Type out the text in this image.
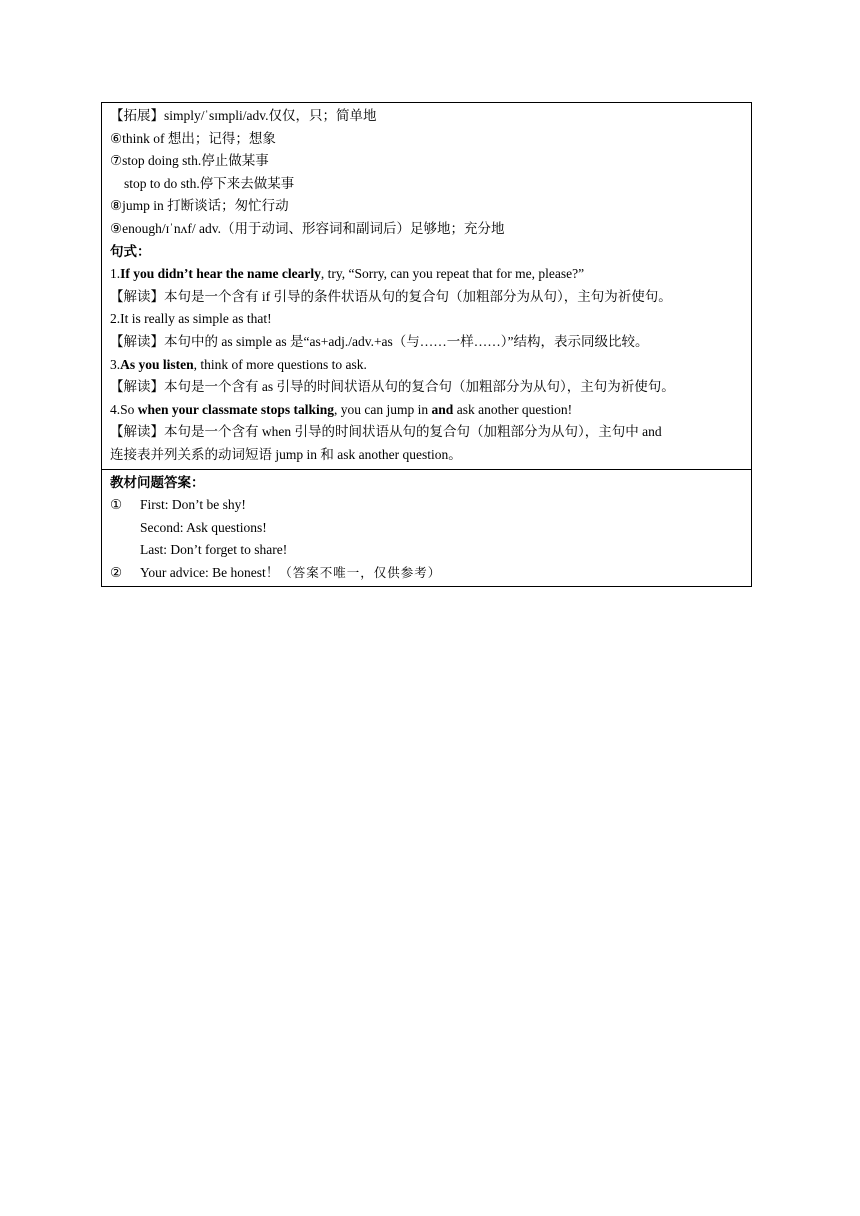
【拓展】simply/ˈsɪmpli/adv.仅仅，只；简单地
⑥think of 想出；记得；想象
⑦stop doing sth.停止做某事
stop to do sth.停下来去做某事
⑧jump in 打断谈话；匆忙行动
⑨enough/ɪˈnʌf/ adv.（用于动词、形容词和副词后）足够地；充分地
句式：
1.If you didn’t hear the name clearly, try, “Sorry, can you repeat that for me, please?”
【解读】本句是一个含有 if 引导的条件状语从句的复合句（加粗部分为从句），主句为祈使句。
2.It is really as simple as that!
【解读】本句中的 as simple as 是“as+adj./adv.+as（与……一样……）”结构，表示同级比较。
3.As you listen, think of more questions to ask.
【解读】本句是一个含有 as 引导的时间状语从句的复合句（加粗部分为从句），主句为祈使句。
4.So when your classmate stops talking, you can jump in and ask another question!
【解读】本句是一个含有 when 引导的时间状语从句的复合句（加粗部分为从句），主句中 and
连接表并列关系的动词短语 jump in 和 ask another question。
教材问题答案：
①	First: Don’t be shy!
Second: Ask questions!
Last: Don’t forget to share!
②	Your advice: Be honest！ （答案不唯一，仅供参考）
